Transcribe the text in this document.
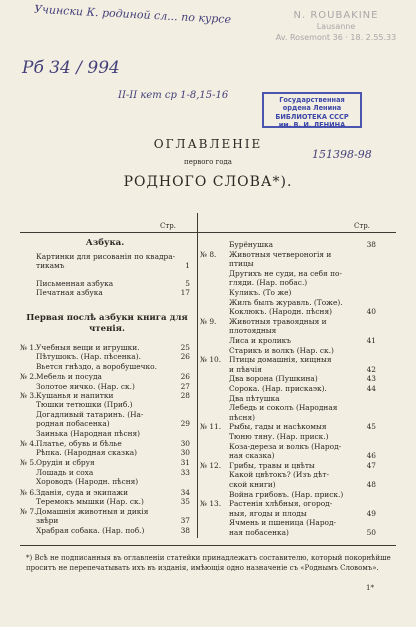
Учински К. родиной сл... по курсе
Рб 34 / 994
II-II кет ср 1-8,15-16
151398-98
N. ROUBAKINE
Lausanne
Av. Rosemont 36 · 18. 2.55.33
Государственная
ордена Ленина
БИБЛИОТЕКА СССР
им. В. И. ЛЕНИНА
ОГЛАВЛЕНIЕ
первого года
РОДНОГО СЛОВА*).
Стр.	Стр.
Азбука.
Первая послѣ азбуки книга для чтенiя.
Картинки для рисованiя по квадра-
тикамъ	1
Письменная азбука	5
Печатная азбука	17
№ 1. Учебныя вещи и игрушки.	25
Пѣтушокъ. (Нар. пѣсенка).	26
Вьется гнѣздо, а воробушечко.
№ 2. Мебель и посуда	26
Золотое яичко. (Нар. ск.)	27
№ 3. Кушанья и напитки	28
Тюшки тетюшки (Приб.)
Догадливый татаринъ. (На-
родная побасенка)	29
Заинька (Народная пѣсня)
№ 4. Платье, обувь и бѣлье	30
Рѣпка. (Народная сказка)	30
№ 5. Орудiя и сбруя	31
Лошадь и соха	33
Хороводъ (Народн. пѣсня)
№ 6. Зданiя, суда и экипажи	34
Теремокъ мышки (Нар. ск.)	35
№ 7. Домашнiя животныя и дикiя
звѣри	37
Храбрая собака. (Нар. поб.)	38
Бурёнушка	38
№ 8. Животныя четвероногiя и
птицы
Другихъ не суди, на себя по-
гляди. (Нар. побас.)
Куликъ. (То же)
Жилъ былъ журавль. (Тоже).
Коклюкъ. (Народн. пѣсня)	40
№ 9. Животныя травоядныя и
плотоядныя
Лиса и кроликъ	41
Старикъ и волкъ (Нар. ск.)
№ 10. Птицы домашнiя, хищныя
и пѣвчiя	42
Два ворона (Пушкина)	43
Сорока. (Нар. прискаэк).	44
Два пѣтушка
Лебедь и соколъ (Народная
пѣсня)
№ 11. Рыбы, гады и насѣкомыя	45
Тюню тяну. (Нар. приск.)
Коза-дереза и волкъ (Народ-
ная сказка)	46
№ 12. Грибы, травы и цвѣты	47
Какой цвѣтокъ? (Изъ дѣт-
ской книги)	48
Война грибовъ. (Нар. приск.)
№ 13. Растенiя хлѣбныя, огород-
ныя, ягоды и плоды	49
Ячмень и пшеница (Народ-
ная побасенка)	50
*) Всѣ не подписанныя въ оглавленiи статейки принадлежатъ составителю, который покорнѣйше проситъ не перепечатывать ихъ въ изданiя, имѣющiя одно назначенiе съ «Роднымъ Словомъ».
1*
